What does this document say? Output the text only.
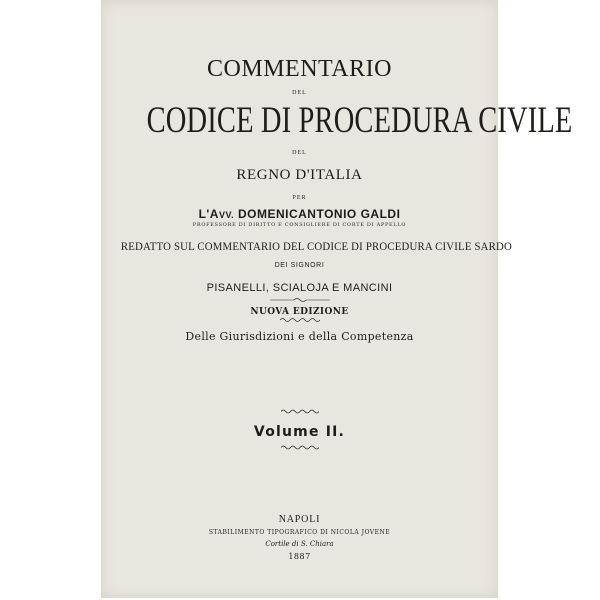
COMMENTARIO
DEL
CODICE DI PROCEDURA CIVILE
DEL
REGNO D'ITALIA
PER
L'AVV. DOMENICANTONIO GALDI
PROFESSORE DI DIRITTO E CONSIGLIERE DI CORTE DI APPELLO
REDATTO SUL COMMENTARIO DEL CODICE DI PROCEDURA CIVILE SARDO
DEI SIGNORI
PISANELLI, SCIALOJA E MANCINI
NUOVA EDIZIONE
Delle Giurisdizioni e della Competenza
Volume II.
NAPOLI
STABILIMENTO TIPOGRAFICO DI NICOLA JOVENE
Cortile di S. Chiara
1887
